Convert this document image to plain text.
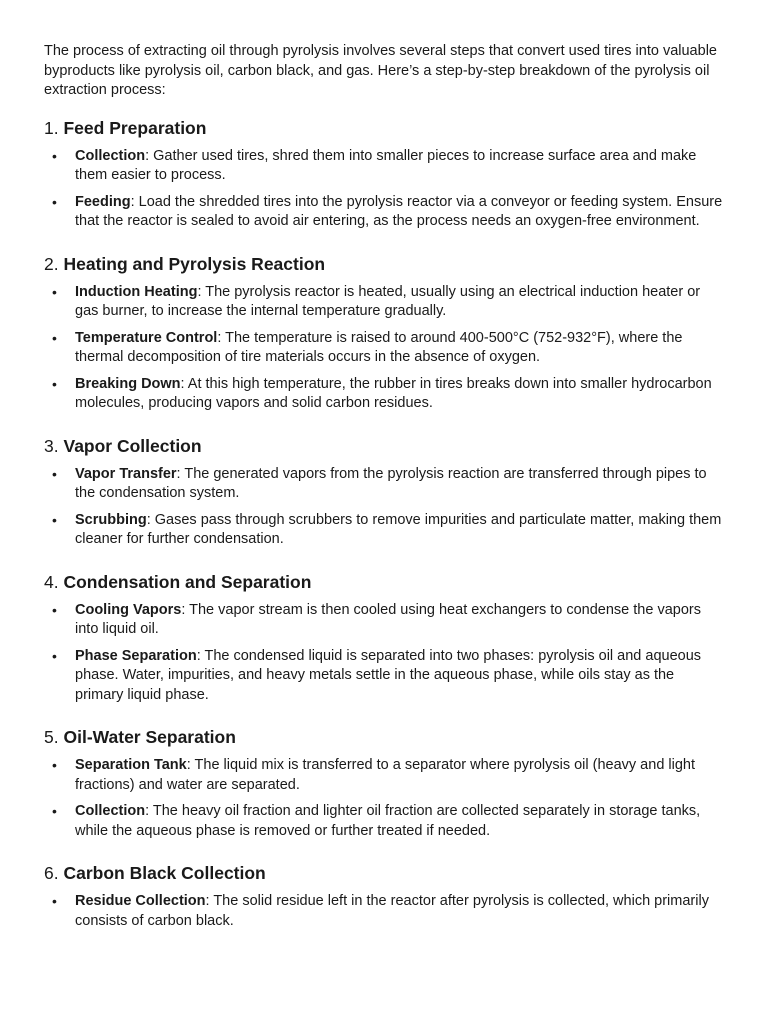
The process of extracting oil through pyrolysis involves several steps that convert used tires into valuable byproducts like pyrolysis oil, carbon black, and gas. Here’s a step-by-step breakdown of the pyrolysis oil extraction process:

1. Feed Preparation
• Collection: Gather used tires, shred them into smaller pieces to increase surface area and make them easier to process.
• Feeding: Load the shredded tires into the pyrolysis reactor via a conveyor or feeding system. Ensure that the reactor is sealed to avoid air entering, as the process needs an oxygen-free environment.
2. Heating and Pyrolysis Reaction
• Induction Heating: The pyrolysis reactor is heated, usually using an electrical induction heater or gas burner, to increase the internal temperature gradually.
• Temperature Control: The temperature is raised to around 400-500°C (752-932°F), where the thermal decomposition of tire materials occurs in the absence of oxygen.
• Breaking Down: At this high temperature, the rubber in tires breaks down into smaller hydrocarbon molecules, producing vapors and solid carbon residues.
3. Vapor Collection
• Vapor Transfer: The generated vapors from the pyrolysis reaction are transferred through pipes to the condensation system.
• Scrubbing: Gases pass through scrubbers to remove impurities and particulate matter, making them cleaner for further condensation.
4. Condensation and Separation
• Cooling Vapors: The vapor stream is then cooled using heat exchangers to condense the vapors into liquid oil.
• Phase Separation: The condensed liquid is separated into two phases: pyrolysis oil and aqueous phase. Water, impurities, and heavy metals settle in the aqueous phase, while oils stay as the primary liquid phase.
5. Oil-Water Separation
• Separation Tank: The liquid mix is transferred to a separator where pyrolysis oil (heavy and light fractions) and water are separated.
• Collection: The heavy oil fraction and lighter oil fraction are collected separately in storage tanks, while the aqueous phase is removed or further treated if needed.
6. Carbon Black Collection
• Residue Collection: The solid residue left in the reactor after pyrolysis is collected, which primarily consists of carbon black.
